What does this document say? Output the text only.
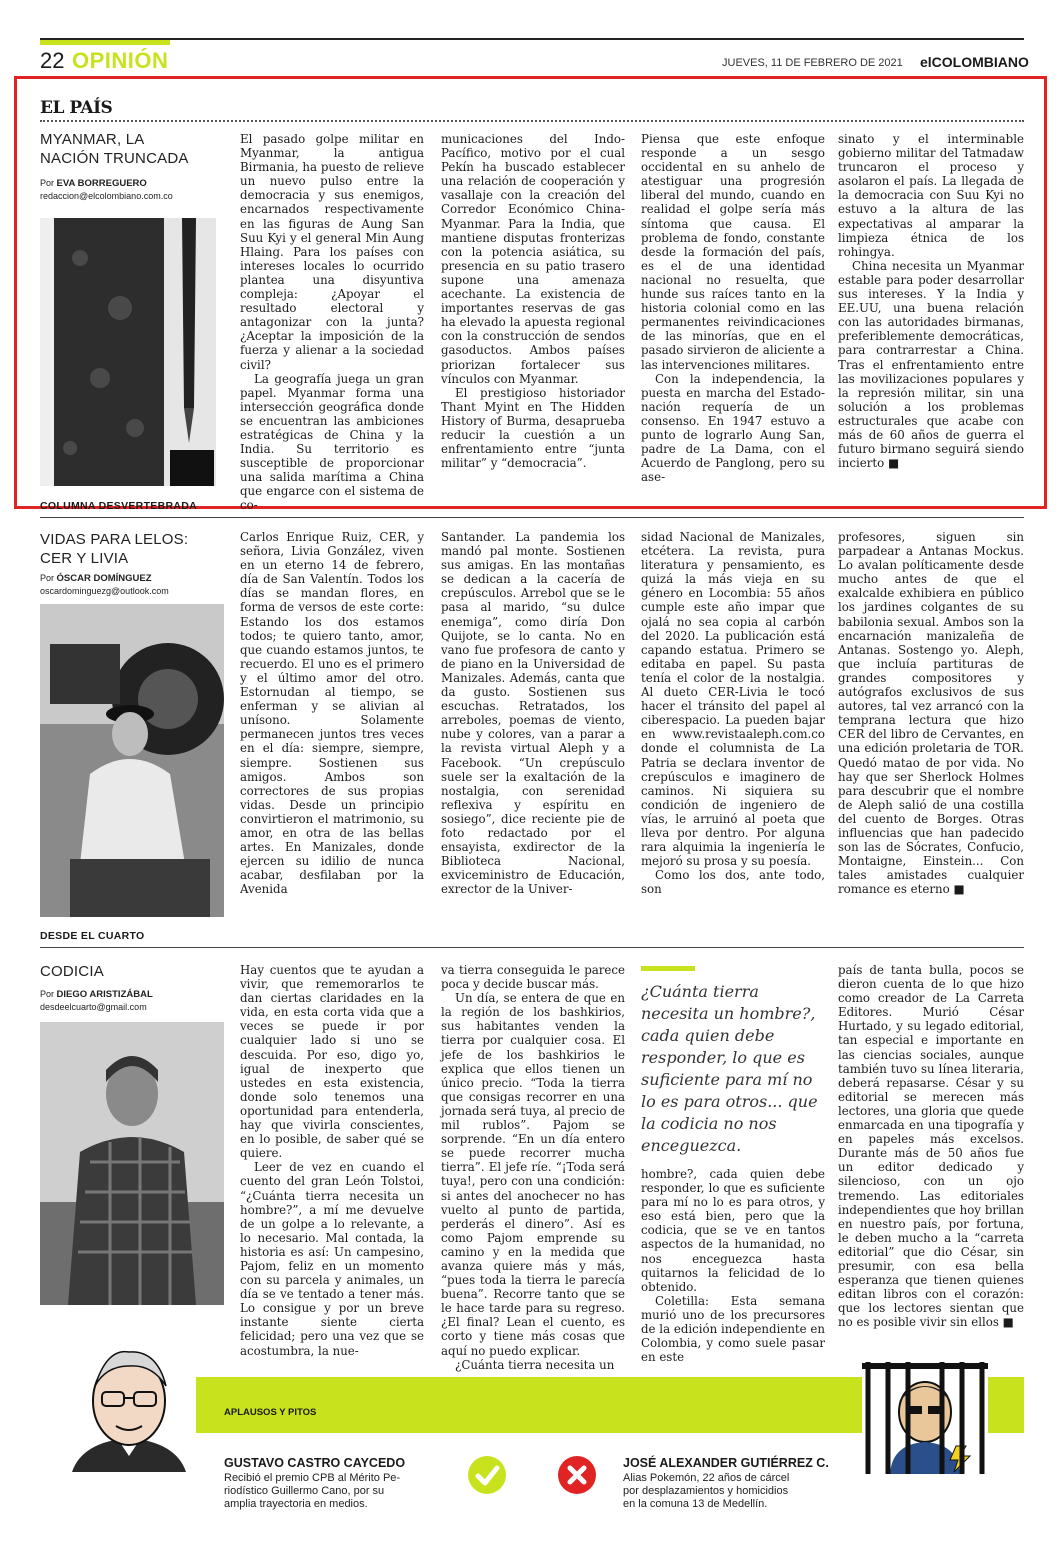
22 OPINIÓN	JUEVES, 11 DE FEBRERO DE 2021 elCOLOMBIANO
EL PAÍS
MYANMAR, LA
NACIÓN TRUNCADA
Por EVA BORREGUERO
redaccion@elcolombiano.com.co

El pasado golpe militar en Myanmar, la antigua Birmania, ha puesto de relieve un nuevo pulso entre la democracia y sus enemigos, encarnados respectivamente en las figuras de Aung San Suu Kyi y el general Min Aung Hlaing. Para los países con intereses locales lo ocurrido plantea una disyuntiva compleja: ¿Apoyar el resultado electoral y antagonizar con la junta? ¿Aceptar la imposición de la fuerza y alienar a la sociedad civil?

La geografía juega un gran papel. Myanmar forma una intersección geográfica donde se encuentran las ambiciones estratégicas de China y la India. Su territorio es susceptible de proporcionar una salida marítima a China que engarce con el sistema de co-

municaciones del Indo-Pacífico, motivo por el cual Pekín ha buscado establecer una relación de cooperación y vasallaje con la creación del Corredor Económico China-Myanmar. Para la India, que mantiene disputas fronterizas con la potencia asiática, su presencia en su patio trasero supone una amenaza acechante. La existencia de importantes reservas de gas ha elevado la apuesta regional con la construcción de sendos gasoductos. Ambos países priorizan fortalecer sus vínculos con Myanmar.

El prestigioso historiador Thant Myint en The Hidden History of Burma, desaprueba reducir la cuestión a un enfrentamiento entre “junta militar” y “democracia”.

Piensa que este enfoque responde a un sesgo occidental en su anhelo de atestiguar una progresión liberal del mundo, cuando en realidad el golpe sería más síntoma que causa. El problema de fondo, constante desde la formación del país, es el de una identidad nacional no resuelta, que hunde sus raíces tanto en la historia colonial como en las permanentes reivindicaciones de las minorías, que en el pasado sirvieron de aliciente a las intervenciones militares.

Con la independencia, la puesta en marcha del Estado-nación requería de un consenso. En 1947 estuvo a punto de lograrlo Aung San, padre de La Dama, con el Acuerdo de Panglong, pero su ase-

sinato y el interminable gobierno militar del Tatmadaw truncaron el proceso y asolaron el país. La llegada de la democracia con Suu Kyi no estuvo a la altura de las expectativas al amparar la limpieza étnica de los rohingya.

China necesita un Myanmar estable para poder desarrollar sus intereses. Y la India y EE.UU, una buena relación con las autoridades birmanas, preferiblemente democráticas, para contrarrestar a China. Tras el enfrentamiento entre las movilizaciones populares y la represión militar, sin una solución a los problemas estructurales que acabe con más de 60 años de guerra el futuro birmano seguirá siendo incierto ■

COLUMNA DESVERTEBRADA
VIDAS PARA LELOS:
CER Y LIVIA
Por ÓSCAR DOMÍNGUEZ
oscardominguezg@outlook.com

Carlos Enrique Ruiz, CER, y señora, Livia González, viven en un eterno 14 de febrero, día de San Valentín. Todos los días se mandan flores, en forma de versos de este corte: Estando los dos estamos todos; te quiero tanto, amor, que cuando estamos juntos, te recuerdo. El uno es el primero y el último amor del otro. Estornudan al tiempo, se enferman y se alivian al unísono. Solamente permanecen juntos tres veces en el día: siempre, siempre, siempre. Sostienen sus amigos. Ambos son correctores de sus propias vidas. Desde un principio convirtieron el matrimonio, su amor, en otra de las bellas artes. En Manizales, donde ejercen su idilio de nunca acabar, desfilaban por la Avenida

Santander. La pandemia los mandó pal monte. Sostienen sus amigas. En las montañas se dedican a la cacería de crepúsculos. Arrebol que se le pasa al marido, “su dulce enemiga”, como diría Don Quijote, se lo canta. No en vano fue profesora de canto y de piano en la Universidad de Manizales. Además, canta que da gusto. Sostienen sus escuchas. Retratados, los arreboles, poemas de viento, nube y colores, van a parar a la revista virtual Aleph y a Facebook. “Un crepúsculo suele ser la exaltación de la nostalgia, con serenidad reflexiva y espíritu en sosiego”, dice reciente pie de foto redactado por el ensayista, exdirector de la Biblioteca Nacional, exviceministro de Educación, exrector de la Univer-

sidad Nacional de Manizales, etcétera. La revista, pura literatura y pensamiento, es quizá la más vieja en su género en Locombia: 55 años cumple este año impar que ojalá no sea copia al carbón del 2020. La publicación está capando estatua. Primero se editaba en papel. Su pasta tenía el color de la nostalgia. Al dueto CER-Livia le tocó hacer el tránsito del papel al ciberespacio. La pueden bajar en www.revistaaleph.com.co donde el columnista de La Patria se declara inventor de crepúsculos e imaginero de caminos. Ni siquiera su condición de ingeniero de vías, le arruinó al poeta que lleva por dentro. Por alguna rara alquimia la ingeniería le mejoró su prosa y su poesía.

Como los dos, ante todo, son

profesores, siguen sin parpadear a Antanas Mockus. Lo avalan políticamente desde mucho antes de que el exalcalde exhibiera en público los jardines colgantes de su babilonia sexual. Ambos son la encarnación manizaleña de Antanas. Sostengo yo. Aleph, que incluía partituras de grandes compositores y autógrafos exclusivos de sus autores, tal vez arrancó con la temprana lectura que hizo CER del libro de Cervantes, en una edición proletaria de TOR. Quedó matao de por vida. No hay que ser Sherlock Holmes para descubrir que el nombre de Aleph salió de una costilla del cuento de Borges. Otras influencias que han padecido son las de Sócrates, Confucio, Montaigne, Einstein... Con tales amistades cualquier romance es eterno ■

DESDE EL CUARTO
CODICIA
Por DIEGO ARISTIZÁBAL
desdeelcuarto@gmail.com

Hay cuentos que te ayudan a vivir, que rememorarlos te dan ciertas claridades en la vida, en esta corta vida que a veces se puede ir por cualquier lado si uno se descuida. Por eso, digo yo, igual de inexperto que ustedes en esta existencia, donde solo tenemos una oportunidad para entenderla, hay que vivirla conscientes, en lo posible, de saber qué se quiere.

Leer de vez en cuando el cuento del gran León Tolstoi, “¿Cuánta tierra necesita un hombre?”, a mí me devuelve de un golpe a lo relevante, a lo necesario. Mal contada, la historia es así: Un campesino, Pajom, feliz en un momento con su parcela y animales, un día se ve tentado a tener más. Lo consigue y por un breve instante siente cierta felicidad; pero una vez que se acostumbra, la nue-

va tierra conseguida le parece poca y decide buscar más.

Un día, se entera de que en la región de los bashkirios, sus habitantes venden la tierra por cualquier cosa. El jefe de los bashkirios le explica que ellos tienen un único precio. “Toda la tierra que consigas recorrer en una jornada será tuya, al precio de mil rublos”. Pajom se sorprende. “En un día entero se puede recorrer mucha tierra”. El jefe ríe. “¡Toda será tuya!, pero con una condición: si antes del anochecer no has vuelto al punto de partida, perderás el dinero”. Así es como Pajom emprende su camino y en la medida que avanza quiere más y más, “pues toda la tierra le parecía buena”. Recorre tanto que se le hace tarde para su regreso. ¿El final? Lean el cuento, es corto y tiene más cosas que aquí no puedo explicar.

¿Cuánta tierra necesita un

¿Cuánta tierra necesita un hombre?, cada quien debe responder, lo que es suficiente para mí no lo es para otros... que la codicia no nos enceguezca.

hombre?, cada quien debe responder, lo que es suficiente para mí no lo es para otros, y eso está bien, pero que la codicia, que se ve en tantos aspectos de la humanidad, no nos enceguezca hasta quitarnos la felicidad de lo obtenido.

Coletilla: Esta semana murió uno de los precursores de la edición independiente en Colombia, y como suele pasar en este

país de tanta bulla, pocos se dieron cuenta de lo que hizo como creador de La Carreta Editores. Murió César Hurtado, y su legado editorial, tan especial e importante en las ciencias sociales, aunque también tuvo su línea literaria, deberá repasarse. César y su editorial se merecen más lectores, una gloria que quede enmarcada en una tipografía y en papeles más excelsos. Durante más de 50 años fue un editor dedicado y silencioso, con un ojo tremendo. Las editoriales independientes que hoy brillan en nuestro país, por fortuna, le deben mucho a la “carreta editorial” que dio César, sin presumir, con esa bella esperanza que tienen quienes editan libros con el corazón: que los lectores sientan que no es posible vivir sin ellos ■

APLAUSOS Y PITOS
GUSTAVO CASTRO CAYCEDO
Recibió el premio CPB al Mérito Pe-
riodístico Guillermo Cano, por su
amplia trayectoria en medios.
JOSÉ ALEXANDER GUTIÉRREZ C.
Alias Pokemón, 22 años de cárcel
por desplazamientos y homicidios
en la comuna 13 de Medellín.
